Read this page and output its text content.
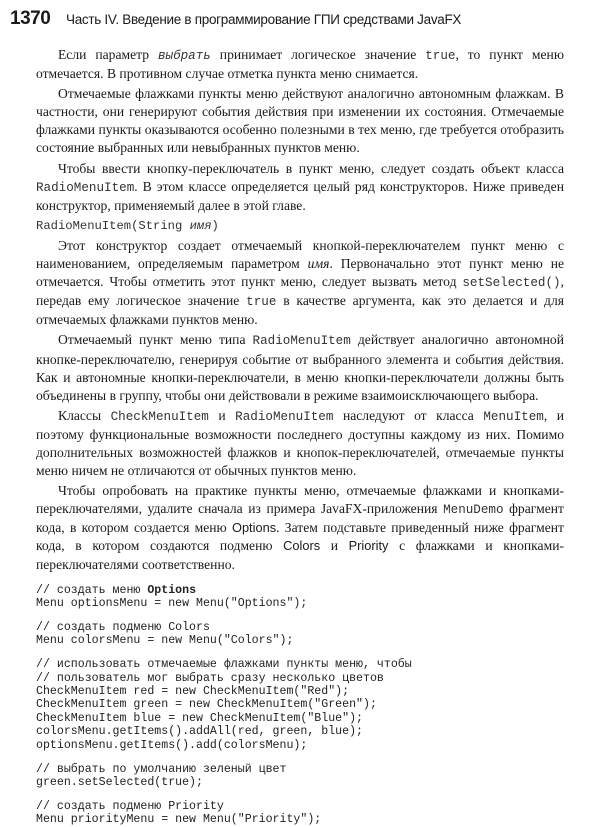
1370 Часть IV. Введение в программирование ГПИ средствами JavaFX

Если параметр выбрать принимает логическое значение true, то пункт меню отмечается. В противном случае отметка пункта меню снимается.

Отмечаемые флажками пункты меню действуют аналогично автономным флажкам. В частности, они генерируют события действия при изменении их состояния. Отмечаемые флажками пункты оказываются особенно полезными в тех меню, где требуется отобразить состояние выбранных или невыбранных пунктов меню.

Чтобы ввести кнопку-переключатель в пункт меню, следует создать объект класса RadioMenuItem. В этом классе определяется целый ряд конструкторов. Ниже приведен конструктор, применяемый далее в этой главе.

RadioMenuItem(String имя)

Этот конструктор создает отмечаемый кнопкой-переключателем пункт меню с наименованием, определяемым параметром имя. Первоначально этот пункт меню не отмечается. Чтобы отметить этот пункт меню, следует вызвать метод setSelected(), передав ему логическое значение true в качестве аргумента, как это делается и для отмечаемых флажками пунктов меню.

Отмечаемый пункт меню типа RadioMenuItem действует аналогично автономной кнопке-переключателю, генерируя событие от выбранного элемента и события действия. Как и автономные кнопки-переключатели, в меню кнопки-переключатели должны быть объединены в группу, чтобы они действовали в режиме взаимоисключающего выбора.

Классы CheckMenuItem и RadioMenuItem наследуют от класса MenuItem, и поэтому функциональные возможности последнего доступны каждому из них. Помимо дополнительных возможностей флажков и кнопок-переключателей, отмечаемые пункты меню ничем не отличаются от обычных пунктов меню.

Чтобы опробовать на практике пункты меню, отмечаемые флажками и кнопками-переключателями, удалите сначала из примера JavaFX-приложения MenuDemo фрагмент кода, в котором создается меню Options. Затем подставьте приведенный ниже фрагмент кода, в котором создаются подменю Colors и Priority с флажками и кнопками-переключателями соответственно.

// создать меню Options
Menu optionsMenu = new Menu("Options");
// создать подменю Colors
Menu colorsMenu = new Menu("Colors");
// использовать отмечаемые флажками пункты меню, чтобы
// пользователь мог выбрать сразу несколько цветов
CheckMenuItem red = new CheckMenuItem("Red");
CheckMenuItem green = new CheckMenuItem("Green");
CheckMenuItem blue = new CheckMenuItem("Blue");
colorsMenu.getItems().addAll(red, green, blue);
optionsMenu.getItems().add(colorsMenu);
// выбрать по умолчанию зеленый цвет
green.setSelected(true);
// создать подменю Priority
Menu priorityMenu = new Menu("Priority");
